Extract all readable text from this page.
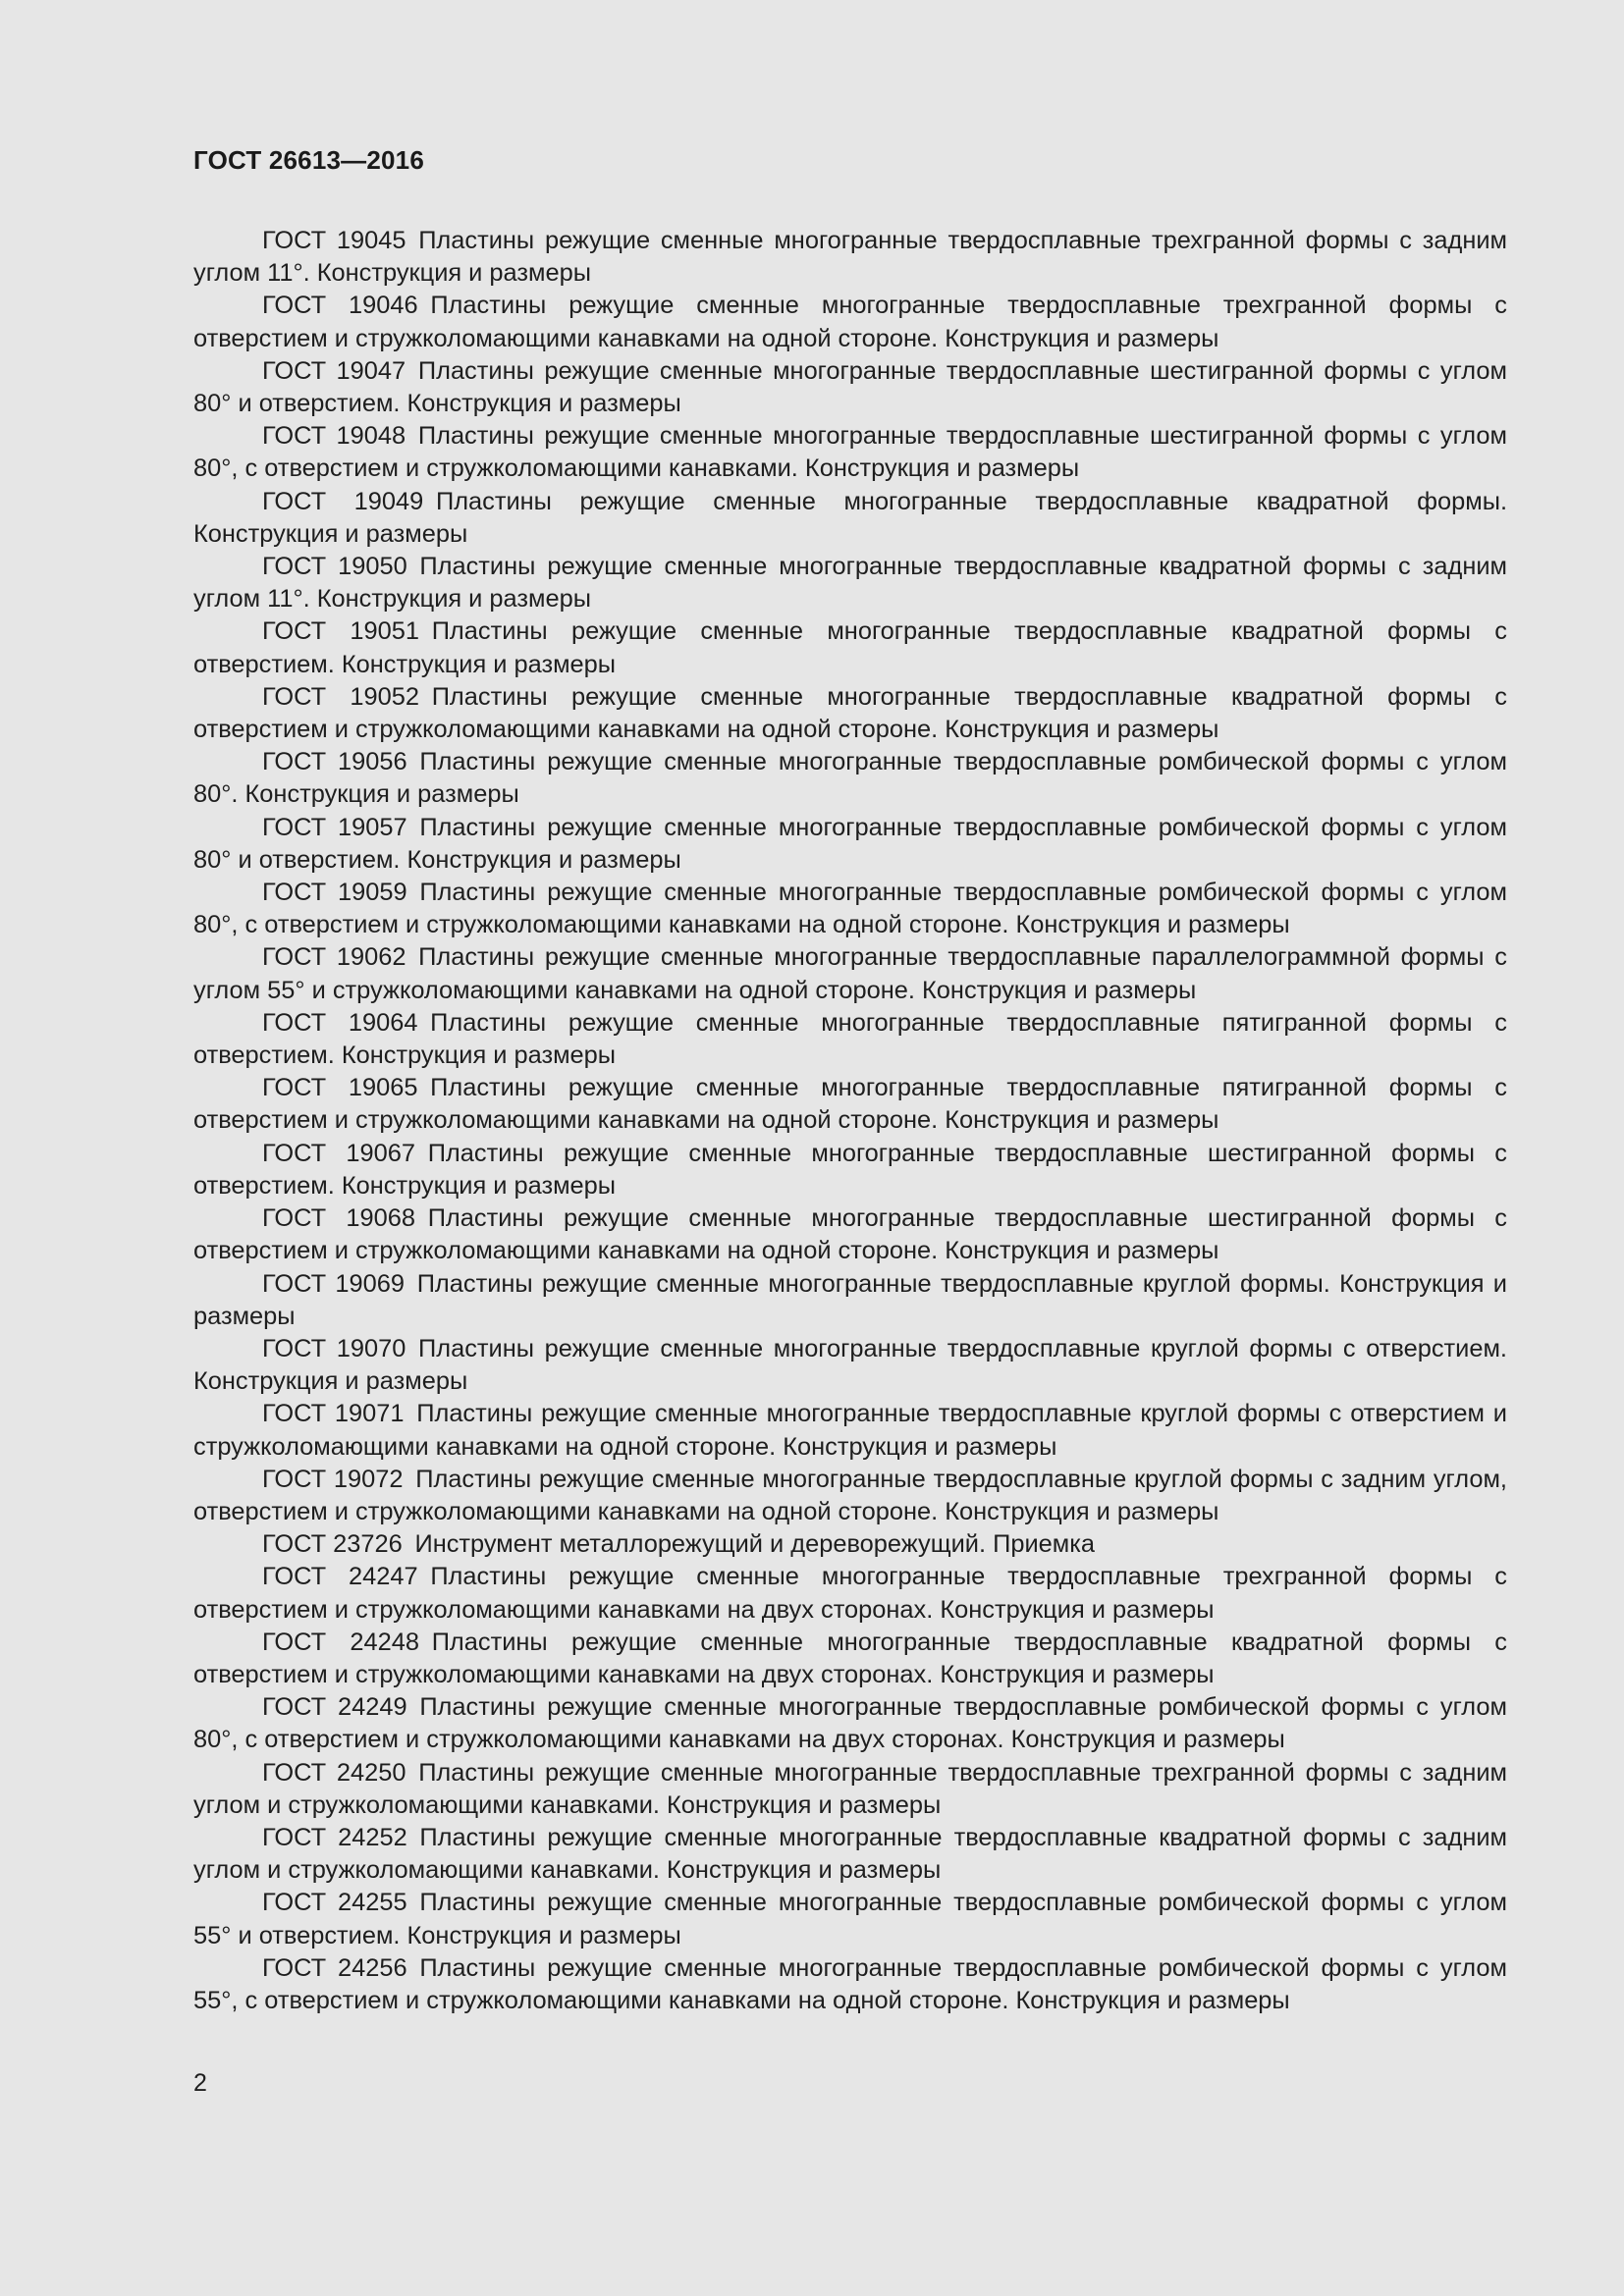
ГОСТ 26613—2016

ГОСТ 19045  Пластины режущие сменные многогранные твердосплавные трехгранной формы с задним углом 11°. Конструкция и размеры

ГОСТ 19046  Пластины режущие сменные многогранные твердосплавные трехгранной формы с отверстием и стружколомающими канавками на одной стороне. Конструкция и размеры

ГОСТ 19047  Пластины режущие сменные многогранные твердосплавные шестигранной формы с углом 80° и отверстием. Конструкция и размеры

ГОСТ 19048  Пластины режущие сменные многогранные твердосплавные шестигранной формы с углом 80°, с отверстием и стружколомающими канавками. Конструкция и размеры

ГОСТ 19049  Пластины режущие сменные многогранные твердосплавные квадратной формы. Конструкция и размеры

ГОСТ 19050  Пластины режущие сменные многогранные твердосплавные квадратной формы с задним углом 11°. Конструкция и размеры

ГОСТ 19051  Пластины режущие сменные многогранные твердосплавные квадратной формы с отверстием. Конструкция и размеры

ГОСТ 19052  Пластины режущие сменные многогранные твердосплавные квадратной формы с отверстием и стружколомающими канавками на одной стороне. Конструкция и размеры

ГОСТ 19056  Пластины режущие сменные многогранные твердосплавные ромбической формы с углом 80°. Конструкция и размеры

ГОСТ 19057  Пластины режущие сменные многогранные твердосплавные ромбической формы с углом 80° и отверстием. Конструкция и размеры

ГОСТ 19059  Пластины режущие сменные многогранные твердосплавные ромбической формы с углом 80°, с отверстием и стружколомающими канавками на одной стороне. Конструкция и размеры

ГОСТ 19062  Пластины режущие сменные многогранные твердосплавные параллелограммной формы с углом 55° и стружколомающими канавками на одной стороне. Конструкция и размеры

ГОСТ 19064  Пластины режущие сменные многогранные твердосплавные пятигранной формы с отверстием. Конструкция и размеры

ГОСТ 19065  Пластины режущие сменные многогранные твердосплавные пятигранной формы с отверстием и стружколомающими канавками на одной стороне. Конструкция и размеры

ГОСТ 19067  Пластины режущие сменные многогранные твердосплавные шестигранной формы с отверстием. Конструкция и размеры

ГОСТ 19068  Пластины режущие сменные многогранные твердосплавные шестигранной формы с отверстием и стружколомающими канавками на одной стороне. Конструкция и размеры

ГОСТ 19069  Пластины режущие сменные многогранные твердосплавные круглой формы. Конструкция и размеры

ГОСТ 19070  Пластины режущие сменные многогранные твердосплавные круглой формы с отверстием. Конструкция и размеры

ГОСТ 19071  Пластины режущие сменные многогранные твердосплавные круглой формы с отверстием и стружколомающими канавками на одной стороне. Конструкция и размеры

ГОСТ 19072  Пластины режущие сменные многогранные твердосплавные круглой формы с задним углом, отверстием и стружколомающими канавками на одной стороне. Конструкция и размеры

ГОСТ 23726  Инструмент металлорежущий и дереворежущий. Приемка

ГОСТ 24247  Пластины режущие сменные многогранные твердосплавные трехгранной формы с отверстием и стружколомающими канавками на двух сторонах. Конструкция и размеры

ГОСТ 24248  Пластины режущие сменные многогранные твердосплавные квадратной формы с отверстием и стружколомающими канавками на двух сторонах. Конструкция и размеры

ГОСТ 24249  Пластины режущие сменные многогранные твердосплавные ромбической формы с углом 80°, с отверстием и стружколомающими канавками на двух сторонах. Конструкция и размеры

ГОСТ 24250  Пластины режущие сменные многогранные твердосплавные трехгранной формы с задним углом и стружколомающими канавками. Конструкция и размеры

ГОСТ 24252  Пластины режущие сменные многогранные твердосплавные квадратной формы с задним углом и стружколомающими канавками. Конструкция и размеры

ГОСТ 24255  Пластины режущие сменные многогранные твердосплавные ромбической формы с углом 55° и отверстием. Конструкция и размеры

ГОСТ 24256  Пластины режущие сменные многогранные твердосплавные ромбической формы с углом 55°, с отверстием и стружколомающими канавками на одной стороне. Конструкция и размеры

2
